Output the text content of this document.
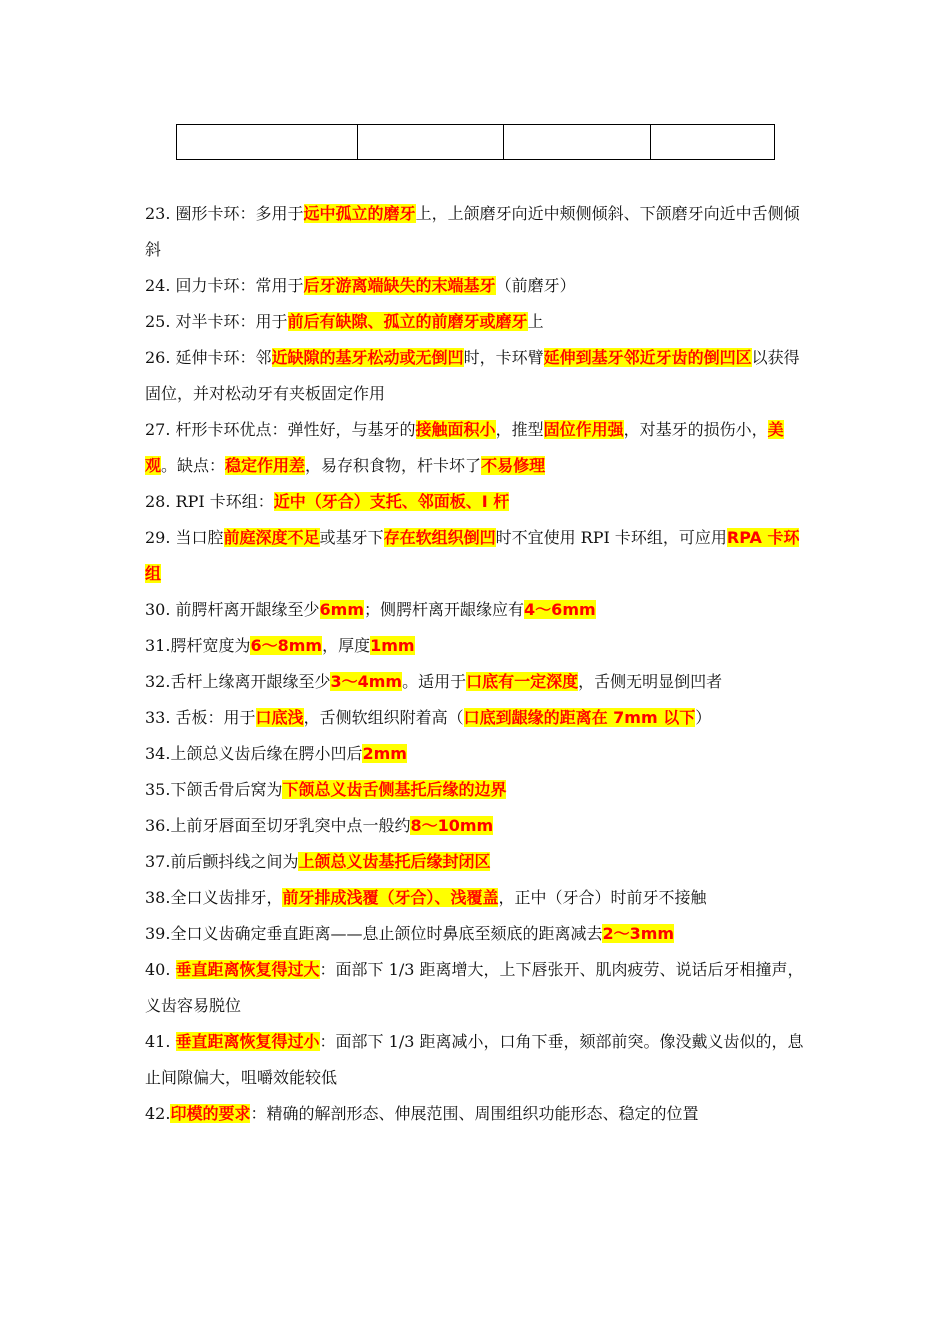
23. 圈形卡环：多用于远中孤立的磨牙上，上颌磨牙向近中颊侧倾斜、下颌磨牙向近中舌侧倾斜

24. 回力卡环：常用于后牙游离端缺失的末端基牙（前磨牙）

25. 对半卡环：用于前后有缺隙、孤立的前磨牙或磨牙上

26. 延伸卡环：邻近缺隙的基牙松动或无倒凹时，卡环臂延伸到基牙邻近牙齿的倒凹区以获得固位，并对松动牙有夹板固定作用

27. 杆形卡环优点：弹性好，与基牙的接触面积小，推型固位作用强，对基牙的损伤小，美观。缺点：稳定作用差，易存积食物，杆卡坏了不易修理

28. RPI 卡环组：近中（牙合）支托、邻面板、I 杆

29. 当口腔前庭深度不足或基牙下存在软组织倒凹时不宜使用 RPI 卡环组，可应用RPA 卡环组

30. 前腭杆离开龈缘至少6mm；侧腭杆离开龈缘应有4～6mm

31.腭杆宽度为6～8mm，厚度1mm

32.舌杆上缘离开龈缘至少3～4mm。适用于口底有一定深度，舌侧无明显倒凹者

33. 舌板：用于口底浅，舌侧软组织附着高（口底到龈缘的距离在 7mm 以下）

34.上颌总义齿后缘在腭小凹后2mm

35.下颌舌骨后窝为下颌总义齿舌侧基托后缘的边界

36.上前牙唇面至切牙乳突中点一般约8～10mm

37.前后颤抖线之间为上颌总义齿基托后缘封闭区

38.全口义齿排牙，前牙排成浅覆（牙合）、浅覆盖，正中（牙合）时前牙不接触

39.全口义齿确定垂直距离——息止颌位时鼻底至颏底的距离减去2～3mm

40. 垂直距离恢复得过大：面部下 1/3 距离增大，上下唇张开、肌肉疲劳、说话后牙相撞声，义齿容易脱位

41. 垂直距离恢复得过小：面部下 1/3 距离减小，口角下垂，颏部前突。像没戴义齿似的，息止间隙偏大，咀嚼效能较低

42.印模的要求：精确的解剖形态、伸展范围、周围组织功能形态、稳定的位置
